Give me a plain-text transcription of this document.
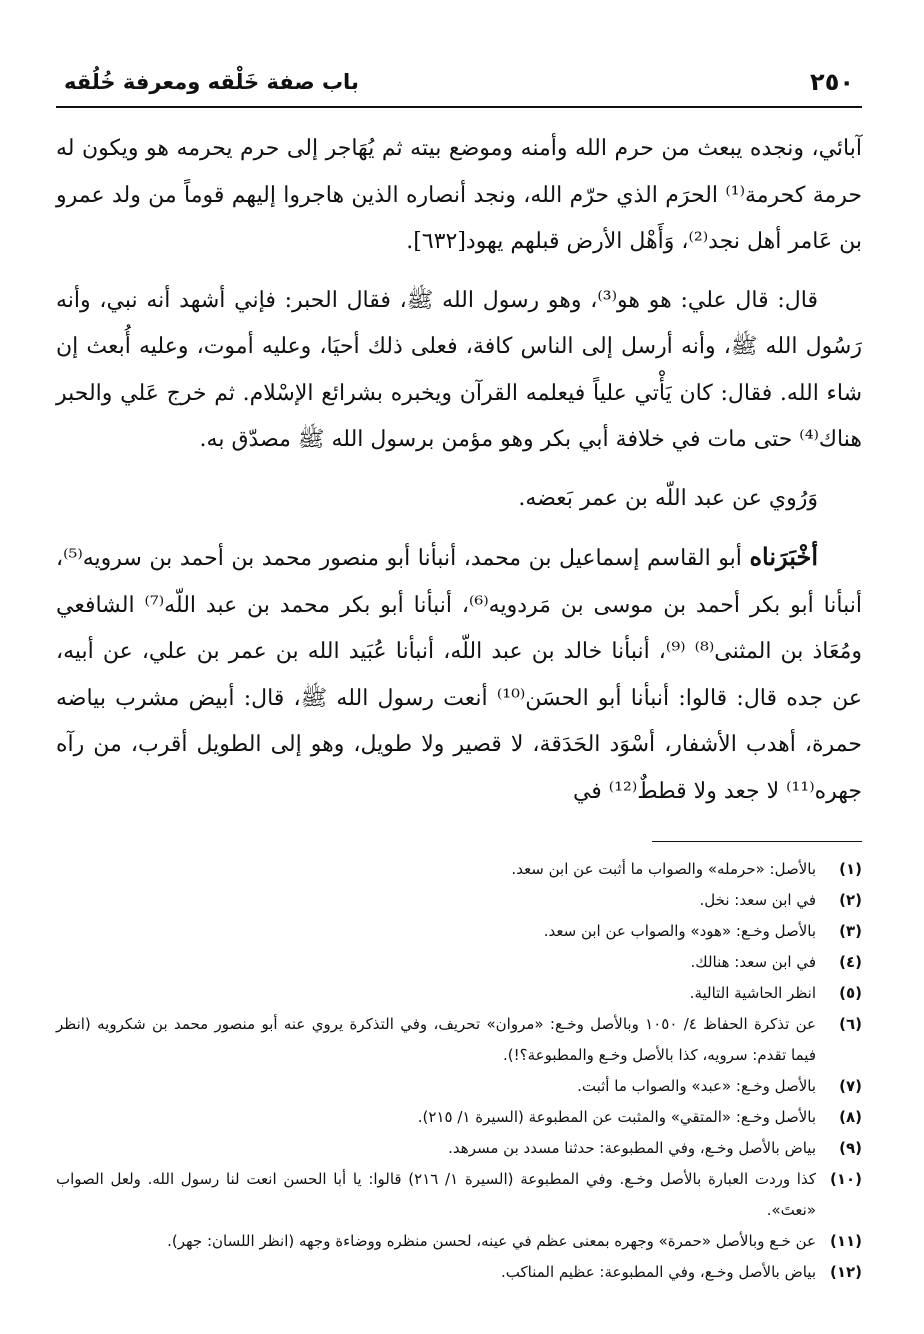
٢٥٠
باب صفة خَلْقه ومعرفة خُلُقه

آبائي، ونجده يبعث من حرم الله وأمنه وموضع بيته ثم يُهَاجر إلى حرم يحرمه هو ويكون له حرمة كحرمة⁽¹⁾ الحرَم الذي حرّم الله، ونجد أنصاره الذين هاجروا إليهم قوماً من ولد عمرو بن عَامر أهل نجد⁽²⁾، وَأَهْل الأرض قبلهم يهود[٦٣٢].

قال: قال علي: هو هو⁽³⁾، وهو رسول الله ﷺ، فقال الحبر: فإني أشهد أنه نبي، وأنه رَسُول الله ﷺ، وأنه أرسل إلى الناس كافة، فعلى ذلك أحيَا، وعليه أموت، وعليه أُبعث إن شاء الله. فقال: كان يَأْتي علياً فيعلمه القرآن ويخبره بشرائع الإسْلام. ثم خرج عَلي والحبر هناك⁽⁴⁾ حتى مات في خلافة أبي بكر وهو مؤمن برسول الله ﷺ مصدّق به.

وَرُوي عن عبد اللّه بن عمر بَعضه.

أخْبَرَناه أبو القاسم إسماعيل بن محمد، أنبأنا أبو منصور محمد بن أحمد بن سرويه⁽⁵⁾، أنبأنا أبو بكر أحمد بن موسى بن مَردويه⁽⁶⁾، أنبأنا أبو بكر محمد بن عبد اللّه⁽⁷⁾ الشافعي ومُعَاذ بن المثنى⁽⁸⁾ ⁽⁹⁾، أنبأنا خالد بن عبد اللّه، أنبأنا عُبَيد الله بن عمر بن علي، عن أبيه، عن جده قال: قالوا: أنبأنا أبو الحسَن⁽¹⁰⁾ أنعت رسول الله ﷺ، قال: أبيض مشرب بياضه حمرة، أهدب الأشفار، أسْوَد الحَدَقة، لا قصير ولا طويل، وهو إلى الطويل أقرب، من رآه جهره⁽¹¹⁾ لا جعد ولا قططٌ⁽¹²⁾ في

(١)
بالأصل: «حرمله» والصواب ما أثبت عن ابن سعد.
(٢)
في ابن سعد: نخل.
(٣)
بالأصل وخـع: «هود» والصواب عن ابن سعد.
(٤)
في ابن سعد: هنالك.
(٥)
انظر الحاشية التالية.
(٦)
عن تذكرة الحفاظ ٤/ ١٠٥٠ وبالأصل وخـع: «مروان» تحريف، وفي التذكرة يروي عنه أبو منصور محمد بن شكرويه (انظر فيما تقدم: سرويه، كذا بالأصل وخـع والمطبوعة؟!).
(٧)
بالأصل وخـع: «عبد» والصواب ما أثبت.
(٨)
بالأصل وخـع: «المتقي» والمثبت عن المطبوعة (السيرة ١/ ٢١٥).
(٩)
بياض بالأصل وخـع، وفي المطبوعة: حدثنا مسدد بن مسرهد.
(١٠)
كذا وردت العبارة بالأصل وخـع. وفي المطبوعة (السيرة ١/ ٢١٦) قالوا: يا أبا الحسن انعت لنا رسول الله. ولعل الصواب «نعتَ».
(١١)
عن خـع وبالأصل «حمرة» وجهره بمعنى عظم في عينه، لحسن منظره ووضاءة وجهه (انظر اللسان: جهر).
(١٢)
بياض بالأصل وخـع، وفي المطبوعة: عظيم المناكب.
